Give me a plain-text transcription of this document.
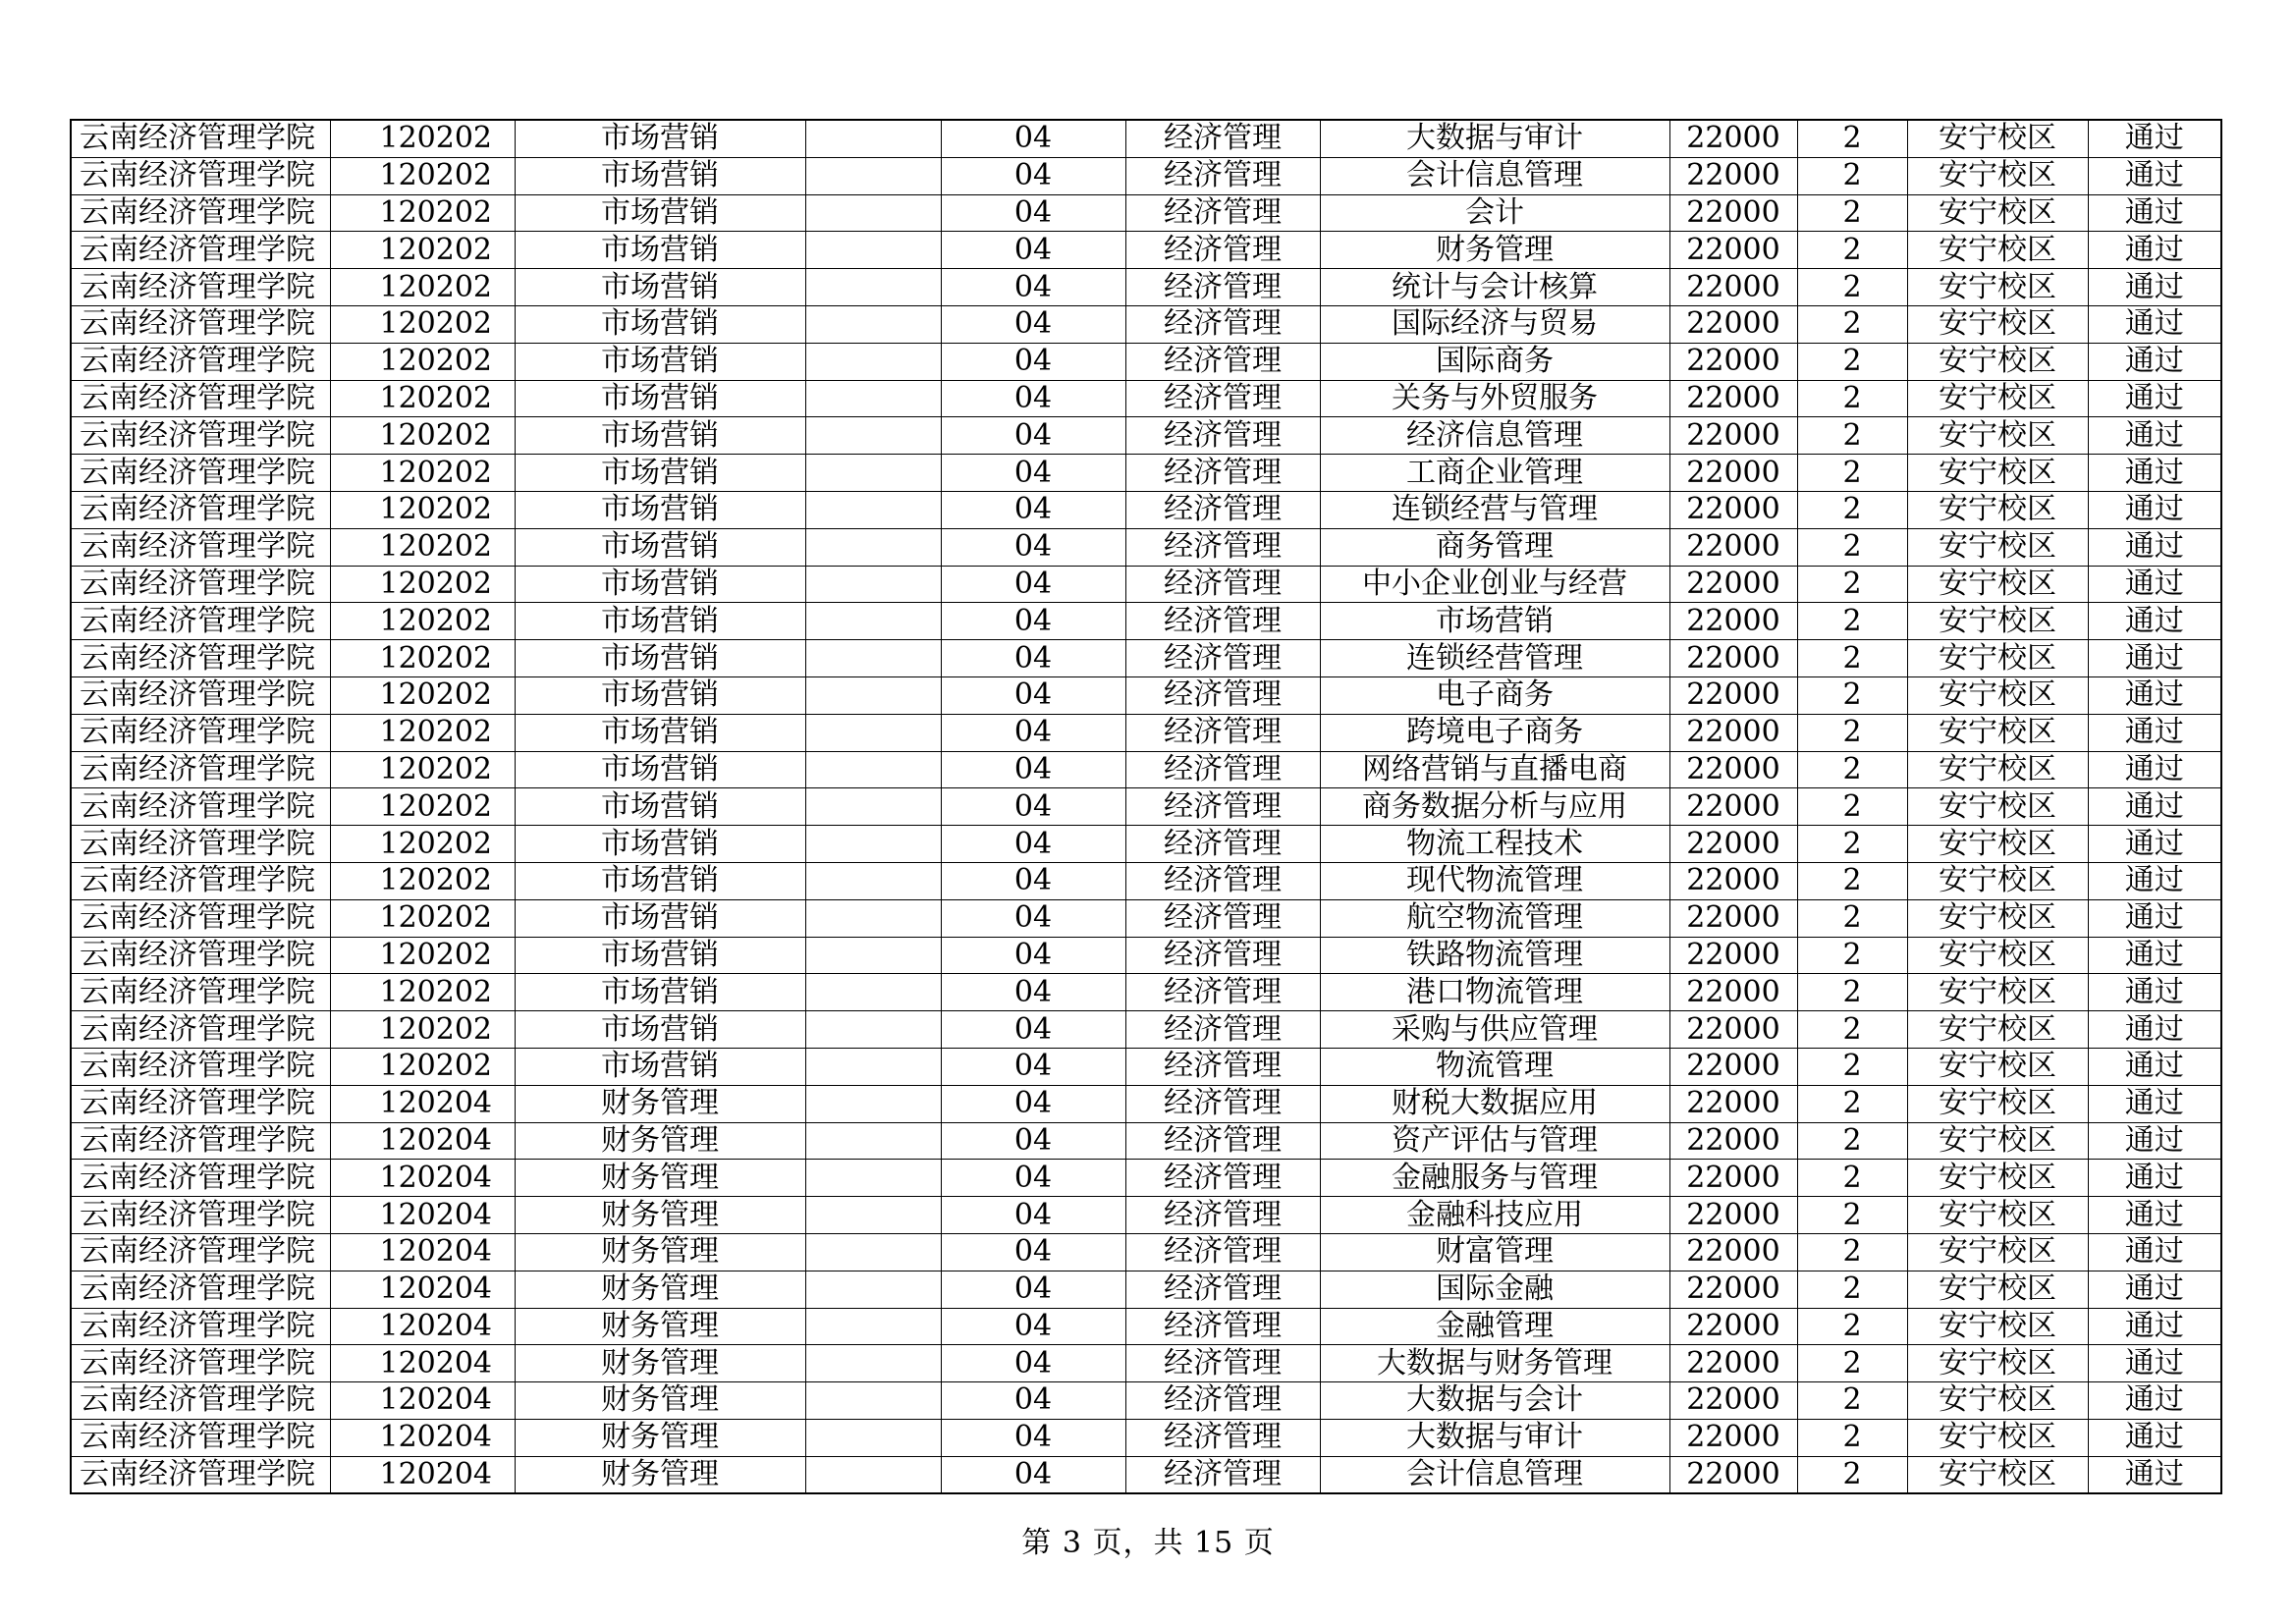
云南经济管理学院	120202	市场营销		04	经济管理	大数据与审计	22000	2	安宁校区	通过
云南经济管理学院	120202	市场营销		04	经济管理	会计信息管理	22000	2	安宁校区	通过
云南经济管理学院	120202	市场营销		04	经济管理	会计	22000	2	安宁校区	通过
云南经济管理学院	120202	市场营销		04	经济管理	财务管理	22000	2	安宁校区	通过
云南经济管理学院	120202	市场营销		04	经济管理	统计与会计核算	22000	2	安宁校区	通过
云南经济管理学院	120202	市场营销		04	经济管理	国际经济与贸易	22000	2	安宁校区	通过
云南经济管理学院	120202	市场营销		04	经济管理	国际商务	22000	2	安宁校区	通过
云南经济管理学院	120202	市场营销		04	经济管理	关务与外贸服务	22000	2	安宁校区	通过
云南经济管理学院	120202	市场营销		04	经济管理	经济信息管理	22000	2	安宁校区	通过
云南经济管理学院	120202	市场营销		04	经济管理	工商企业管理	22000	2	安宁校区	通过
云南经济管理学院	120202	市场营销		04	经济管理	连锁经营与管理	22000	2	安宁校区	通过
云南经济管理学院	120202	市场营销		04	经济管理	商务管理	22000	2	安宁校区	通过
云南经济管理学院	120202	市场营销		04	经济管理	中小企业创业与经营	22000	2	安宁校区	通过
云南经济管理学院	120202	市场营销		04	经济管理	市场营销	22000	2	安宁校区	通过
云南经济管理学院	120202	市场营销		04	经济管理	连锁经营管理	22000	2	安宁校区	通过
云南经济管理学院	120202	市场营销		04	经济管理	电子商务	22000	2	安宁校区	通过
云南经济管理学院	120202	市场营销		04	经济管理	跨境电子商务	22000	2	安宁校区	通过
云南经济管理学院	120202	市场营销		04	经济管理	网络营销与直播电商	22000	2	安宁校区	通过
云南经济管理学院	120202	市场营销		04	经济管理	商务数据分析与应用	22000	2	安宁校区	通过
云南经济管理学院	120202	市场营销		04	经济管理	物流工程技术	22000	2	安宁校区	通过
云南经济管理学院	120202	市场营销		04	经济管理	现代物流管理	22000	2	安宁校区	通过
云南经济管理学院	120202	市场营销		04	经济管理	航空物流管理	22000	2	安宁校区	通过
云南经济管理学院	120202	市场营销		04	经济管理	铁路物流管理	22000	2	安宁校区	通过
云南经济管理学院	120202	市场营销		04	经济管理	港口物流管理	22000	2	安宁校区	通过
云南经济管理学院	120202	市场营销		04	经济管理	采购与供应管理	22000	2	安宁校区	通过
云南经济管理学院	120202	市场营销		04	经济管理	物流管理	22000	2	安宁校区	通过
云南经济管理学院	120204	财务管理		04	经济管理	财税大数据应用	22000	2	安宁校区	通过
云南经济管理学院	120204	财务管理		04	经济管理	资产评估与管理	22000	2	安宁校区	通过
云南经济管理学院	120204	财务管理		04	经济管理	金融服务与管理	22000	2	安宁校区	通过
云南经济管理学院	120204	财务管理		04	经济管理	金融科技应用	22000	2	安宁校区	通过
云南经济管理学院	120204	财务管理		04	经济管理	财富管理	22000	2	安宁校区	通过
云南经济管理学院	120204	财务管理		04	经济管理	国际金融	22000	2	安宁校区	通过
云南经济管理学院	120204	财务管理		04	经济管理	金融管理	22000	2	安宁校区	通过
云南经济管理学院	120204	财务管理		04	经济管理	大数据与财务管理	22000	2	安宁校区	通过
云南经济管理学院	120204	财务管理		04	经济管理	大数据与会计	22000	2	安宁校区	通过
云南经济管理学院	120204	财务管理		04	经济管理	大数据与审计	22000	2	安宁校区	通过
云南经济管理学院	120204	财务管理		04	经济管理	会计信息管理	22000	2	安宁校区	通过
第 3 页，共 15 页
